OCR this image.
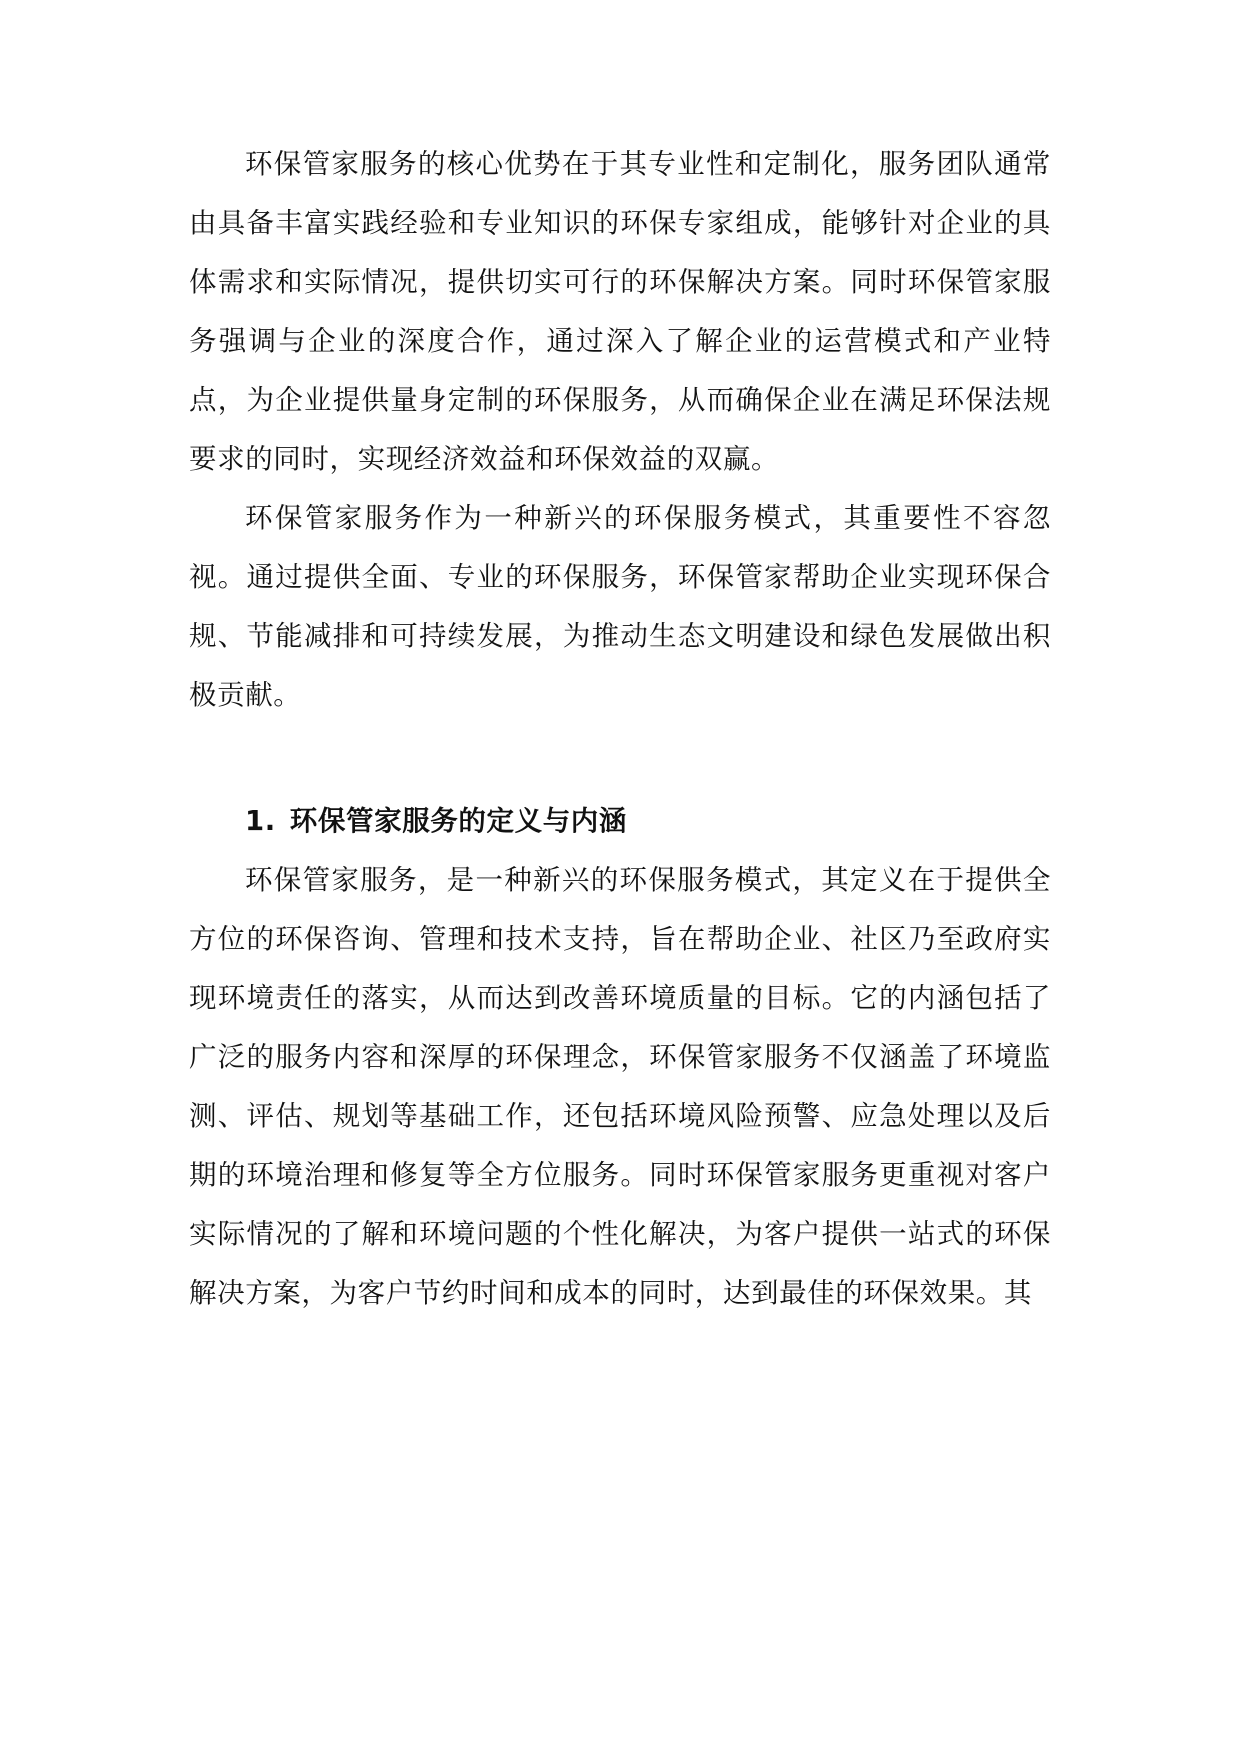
环保管家服务的核心优势在于其专业性和定制化，服务团队通常由具备丰富实践经验和专业知识的环保专家组成，能够针对企业的具体需求和实际情况，提供切实可行的环保解决方案。同时环保管家服务强调与企业的深度合作，通过深入了解企业的运营模式和产业特点，为企业提供量身定制的环保服务，从而确保企业在满足环保法规要求的同时，实现经济效益和环保效益的双赢。

环保管家服务作为一种新兴的环保服务模式，其重要性不容忽视。通过提供全面、专业的环保服务，环保管家帮助企业实现环保合规、节能减排和可持续发展，为推动生态文明建设和绿色发展做出积极贡献。

1. 环保管家服务的定义与内涵

环保管家服务，是一种新兴的环保服务模式，其定义在于提供全方位的环保咨询、管理和技术支持，旨在帮助企业、社区乃至政府实现环境责任的落实，从而达到改善环境质量的目标。它的内涵包括了广泛的服务内容和深厚的环保理念，环保管家服务不仅涵盖了环境监测、评估、规划等基础工作，还包括环境风险预警、应急处理以及后期的环境治理和修复等全方位服务。同时环保管家服务更重视对客户实际情况的了解和环境问题的个性化解决，为客户提供一站式的环保解决方案，为客户节约时间和成本的同时，达到最佳的环保效果。其
